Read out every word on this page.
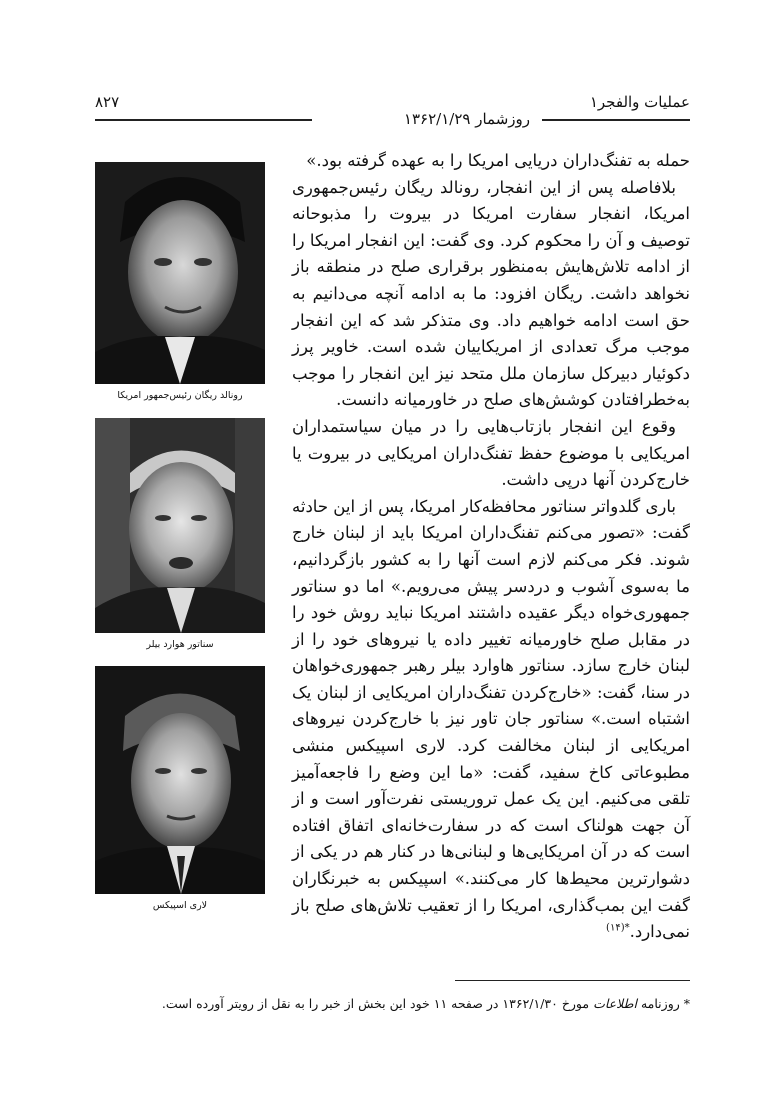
عملیات والفجر۱
۸۲۷
روزشمار ۱۳۶۲/۱/۲۹
رونالد ریگان رئیس‌جمهور امریکا
سناتور هوارد بیلر
لاری اسپیکس

حمله به تفنگ‌داران دریایی امریکا را به عهده گرفته بود.»

بلافاصله پس از این انفجار، رونالد ریگان رئیس‌جمهوری امریکا، انفجار سفارت امریکا در بیروت را مذبوحانه توصیف و آن را محکوم کرد. وی گفت: این انفجار امریکا را از ادامه تلاش‌هایش به‌منظور برقراری صلح در منطقه باز نخواهد داشت. ریگان افزود: ما به ادامه آنچه می‌دانیم به حق است ادامه خواهیم داد. وی متذکر شد که این انفجار موجب مرگ تعدادی از امریکاییان شده است. خاویر پرز دکوئیار دبیرکل سازمان ملل متحد نیز این انفجار را موجب به‌خطرافتادن کوشش‌های صلح در خاورمیانه دانست.

وقوع این انفجار بازتاب‌هایی را در میان سیاستمداران امریکایی با موضوع حفظ تفنگ‌داران امریکایی در بیروت یا خارج‌کردن آنها درپی داشت.

باری گلدواتر سناتور محافظه‌کار امریکا، پس از این حادثه گفت: «تصور می‌کنم تفنگ‌داران امریکا باید از لبنان خارج شوند. فکر می‌کنم لازم است آنها را به کشور بازگردانیم، ما به‌سوی آشوب و دردسر پیش می‌رویم.» اما دو سناتور جمهوری‌خواه دیگر عقیده داشتند امریکا نباید روش خود را در مقابل صلح خاورمیانه تغییر داده یا نیروهای خود را از لبنان خارج سازد. سناتور هاوارد بیلر رهبر جمهوری‌خواهان در سنا، گفت: «خارج‌کردن تفنگ‌داران امریکایی از لبنان یک اشتباه است.» سناتور جان تاور نیز با خارج‌کردن نیروهای امریکایی از لبنان مخالفت کرد. لاری اسپیکس منشی مطبوعاتی کاخ سفید، گفت: «ما این وضع را فاجعه‌آمیز تلقی می‌کنیم. این یک عمل تروریستی نفرت‌آور است و از آن جهت هولناک است که در سفارت‌خانه‌ای اتفاق افتاده است که در آن امریکایی‌ها و لبنانی‌ها در کنار هم در یکی از دشوارترین محیط‌ها کار می‌کنند.» اسپیکس به خبرنگاران گفت این بمب‌گذاری، امریکا را از تعقیب تلاش‌های صلح باز نمی‌دارد.$^{*(۱۴)}$

* روزنامه اطلاعات مورخ ۱۳۶۲/۱/۳۰ در صفحه ۱۱ خود این بخش از خبر را به نقل از رویتر آورده است.
